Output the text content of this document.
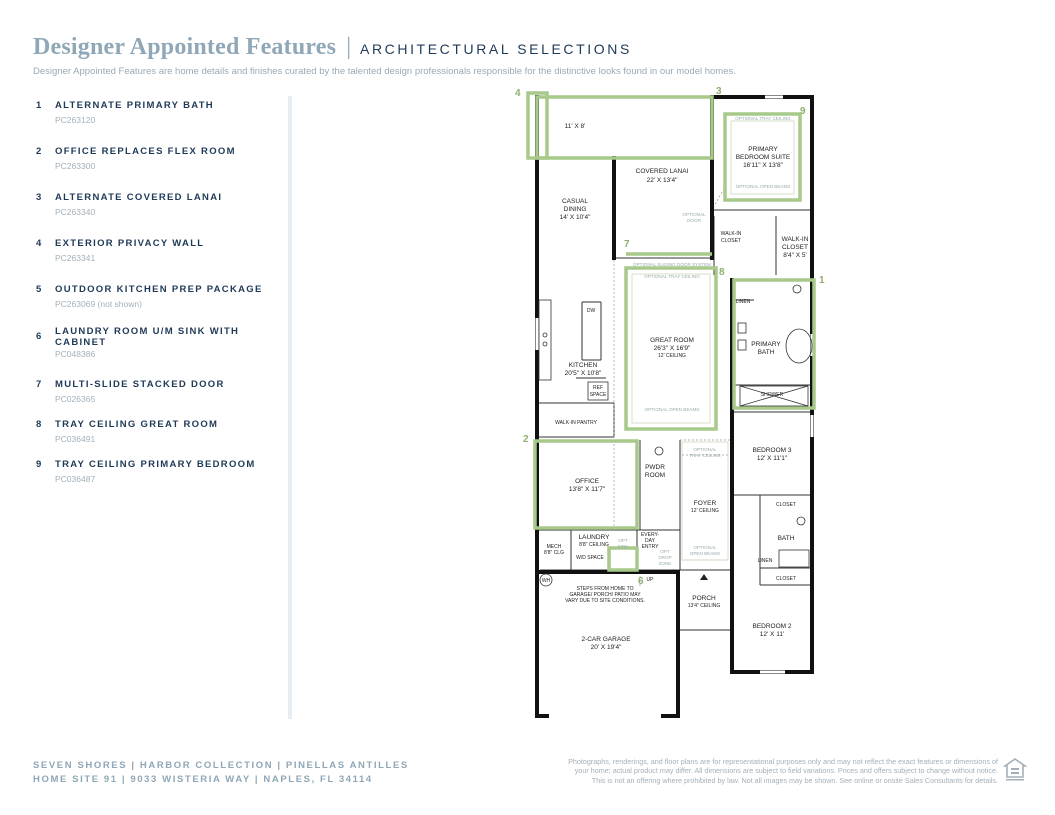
Designer Appointed Features | ARCHITECTURAL SELECTIONS
Designer Appointed Features are home details and finishes curated by the talented design professionals responsible for the distinctive looks found in our model homes.
1	ALTERNATE PRIMARY BATH
PC263120
2	OFFICE REPLACES FLEX ROOM
PC263300
3	ALTERNATE COVERED LANAI
PC263340
4	EXTERIOR PRIVACY WALL
PC263341
5	OUTDOOR KITCHEN PREP PACKAGE
PC263069 (not shown)
6	LAUNDRY ROOM U/M SINK WITH CABINET
PC048386
7	MULTI-SLIDE STACKED DOOR
PC026365
8	TRAY CEILING GREAT ROOM
PC036491
9	TRAY CEILING PRIMARY BEDROOM
PC036487
4	3
9
1
7
8
2
6
11' X 8'
COVERED LANAI
22' X 13'4"
CASUAL
DINING
14' X 10'4"
PRIMARY
BEDROOM SUITE
16'11" X 13'8"
WALK-IN
CLOSET
8'4" X 5'
GREAT ROOM
26'3" X 16'9"
KITCHEN
20'5" X 10'8"
PRIMARY
BATH
OFFICE
13'8" X 11'7"
PWDR
ROOM
FOYER
BEDROOM 3
12' X 11'1"
BATH
LAUNDRY
2-CAR GARAGE
20' X 19'4"
PORCH
BEDROOM 2
12' X 11'
WALK-IN
CLOSET
12' CEILING
DW
REF
SPACE
WALK-IN PANTRY
LINEN
SHOWER
12' CEILING
CLOSET
LINEN
CLOSET
MECH
8'8" CLG
8'8" CEILING
W/D SPACE
EVERY-
DAY
ENTRY
UP
WH
STEPS FROM HOME TO
GARAGE/ PORCH/ PATIO MAY
VARY DUE TO SITE CONDITIONS.
13'4" CEILING
OPTIONAL
DOOR
OPTIONAL TRAY CEILING
OPTIONAL OPEN BEAMS
OPTIONAL SLIDING DOOR SYSTEM
OPTIONAL TRAY CEILING
OPTIONAL OPEN BEAMS
OPTIONAL
TRAY CEILING
OPTIONAL
OPEN BEAMS
OPT
SINK
OPT
DROP
ZONE
SEVEN SHORES | HARBOR COLLECTION | PINELLAS ANTILLES
HOME SITE 91 | 9033 WISTERIA WAY | NAPLES, FL 34114
Photographs, renderings, and floor plans are for representational purposes only and may not reflect the exact features or dimensions of
your home; actual product may differ. All dimensions are subject to field variations. Prices and offers subject to change without notice.
This is not an offering where prohibited by law. Not all images may be shown. See online or onsite Sales Consultants for details.
